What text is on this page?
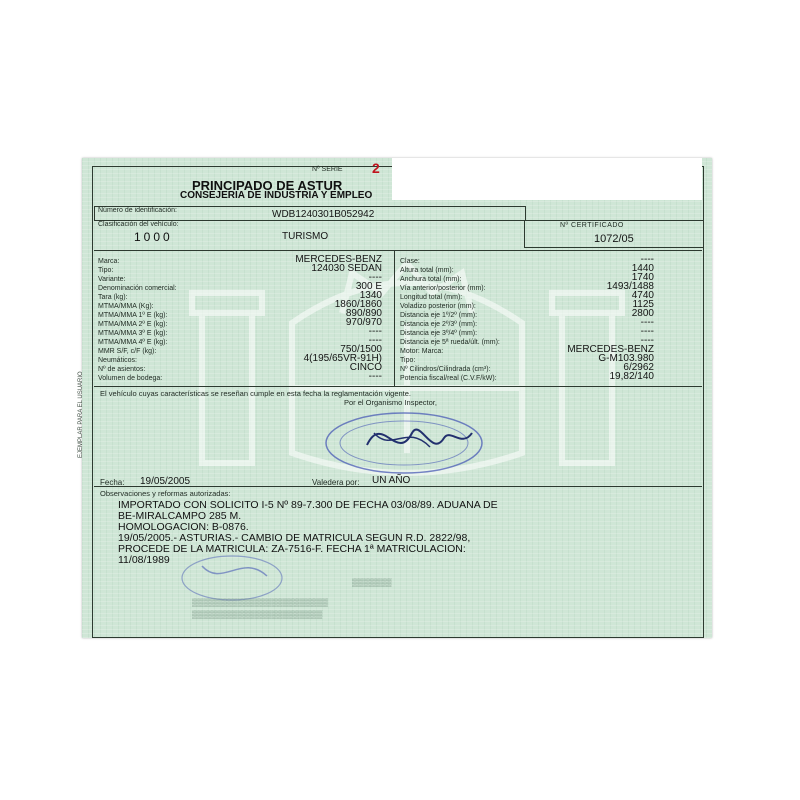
Nº SERIE 2
PRINCIPADO DE ASTUR
CONSEJERIA DE INDUSTRIA Y EMPLEO
Número de identificación:	WDB1240301B052942
Clasificación del vehículo:
1000	TURISMO
Nº CERTIFICADO
1072/05
Marca:	MERCEDES-BENZ
Tipo:	124030 SEDAN
Variante:	----
Denominación comercial:	300 E
Tara (kg):	1340
MTMA/MMA (Kg):	1860/1860
MTMA/MMA 1º E (kg):	890/890
MTMA/MMA 2º E (kg):	970/970
MTMA/MMA 3º E (kg):	----
MTMA/MMA 4º E (kg):	----
MMR S/F, c/F (kg):	750/1500
Neumáticos:	4(195/65VR-91H)
Nº de asientos:	CINCO
Volumen de bodega:	----
Clase:	----
Altura total (mm):	1440
Anchura total (mm):	1740
Vía anterior/posterior (mm):	1493/1488
Longitud total (mm):	4740
Voladizo posterior (mm):	1125
Distancia eje 1º/2º (mm):	2800
Distancia eje 2º/3º (mm):	----
Distancia eje 3º/4º (mm):	----
Distancia eje 5ª rueda/últ. (mm):	----
Motor: Marca:	MERCEDES-BENZ
Tipo:	G-M103.980
Nº Cilindros/Cilindrada (cm³):	6/2962
Potencia fiscal/real (C.V.F/kW):	19,82/140
El vehículo cuyas características se reseñan cumple en esta fecha la reglamentación vigente.
Por el Organismo Inspector,
Fecha: 19/05/2005	Valedera por: UN AÑO
Observaciones y reformas autorizadas:
IMPORTADO CON SOLICITO I-5 Nº 89-7.300 DE FECHA 03/08/89. ADUANA DE
BE-MIRALCAMPO 285 M.
HOMOLOGACION: B-0876.
19/05/2005.- ASTURIAS.- CAMBIO DE MATRICULA SEGUN R.D. 2822/98,
PROCEDE DE LA MATRICULA: ZA-7516-F. FECHA 1ª MATRICULACION:
11/08/1989
▒▒▒▒▒▒▒
▒▒▒▒▒▒▒▒▒▒▒▒▒▒▒▒▒▒▒▒▒▒▒▒
▒▒▒▒▒▒▒▒▒▒▒▒▒▒▒▒▒▒▒▒▒▒▒
EJEMPLAR PARA EL USUARIO
